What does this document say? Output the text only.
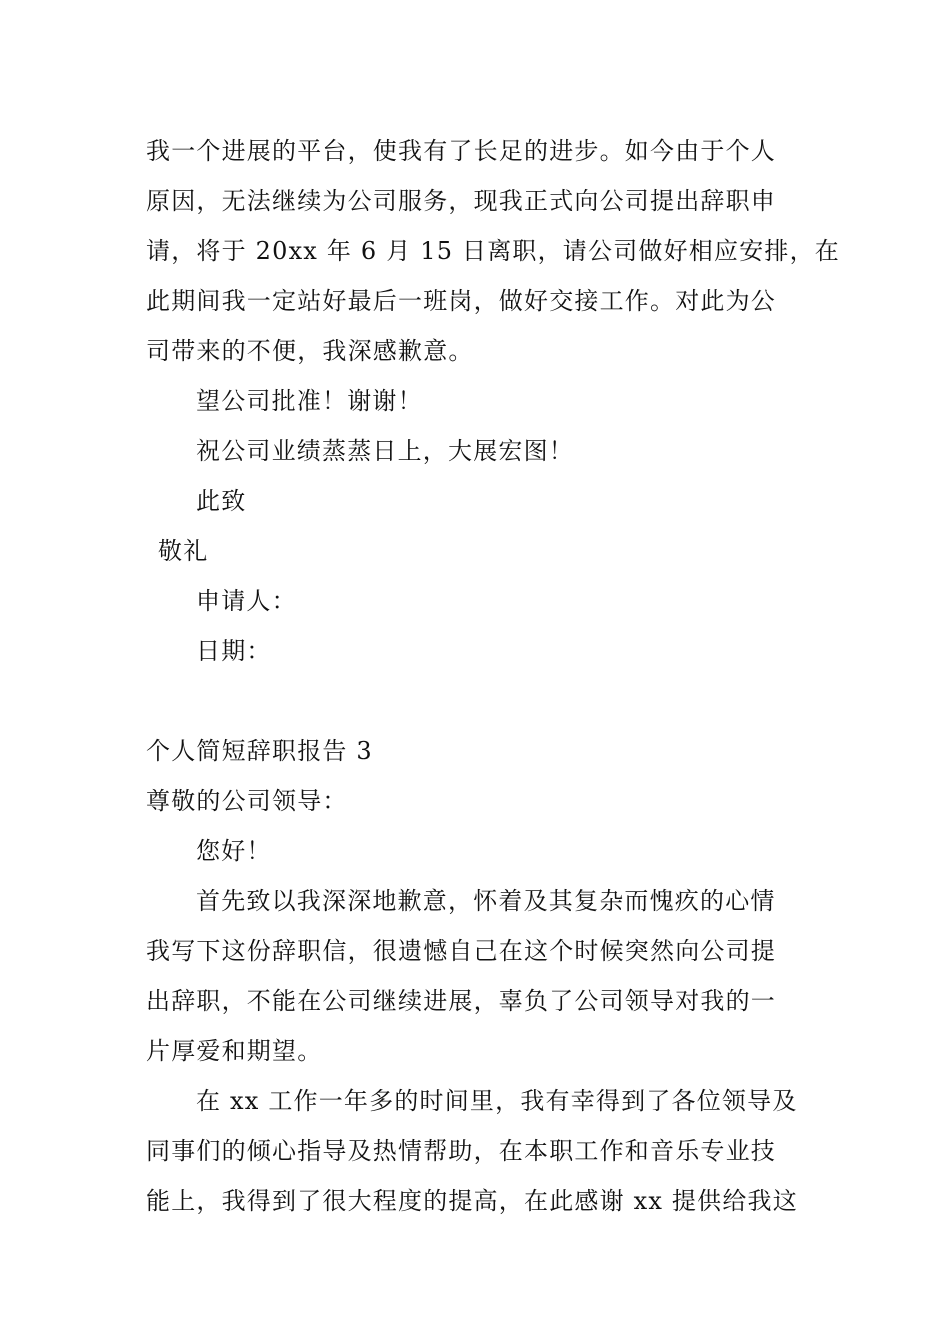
我一个进展的平台，使我有了长足的进步。如今由于个人
原因，无法继续为公司服务，现我正式向公司提出辞职申
请，将于 20xx 年 6 月 15 日离职，请公司做好相应安排，在
此期间我一定站好最后一班岗，做好交接工作。对此为公
司带来的不便，我深感歉意。
望公司批准！谢谢！
祝公司业绩蒸蒸日上，大展宏图！
此致
敬礼
申请人：
日期：
个人简短辞职报告 3
尊敬的公司领导：
您好！
首先致以我深深地歉意，怀着及其复杂而愧疚的心情
我写下这份辞职信，很遗憾自己在这个时候突然向公司提
出辞职，不能在公司继续进展，辜负了公司领导对我的一
片厚爱和期望。
在 xx 工作一年多的时间里，我有幸得到了各位领导及
同事们的倾心指导及热情帮助，在本职工作和音乐专业技
能上，我得到了很大程度的提高，在此感谢 xx 提供给我这
